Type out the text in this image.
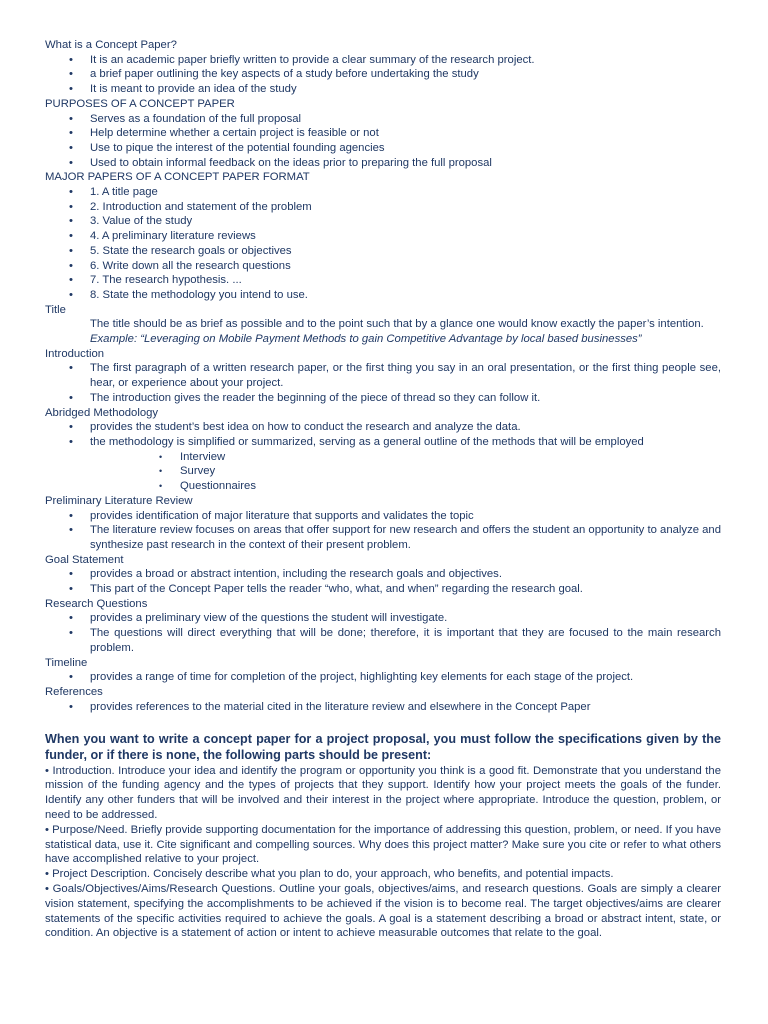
What is a Concept Paper?
• It is an academic paper briefly written to provide a clear summary of the research project.
• a brief paper outlining the key aspects of a study before undertaking the study
• It is meant to provide an idea of the study
PURPOSES OF A CONCEPT PAPER
• Serves as a foundation of the full proposal
• Help determine whether a certain project is feasible or not
• Use to pique the interest of the potential founding agencies
• Used to obtain informal feedback on the ideas prior to preparing the full proposal
MAJOR PAPERS OF A CONCEPT PAPER FORMAT
• 1. A title page
• 2. Introduction and statement of the problem
• 3. Value of the study
• 4. A preliminary literature reviews
• 5. State the research goals or objectives
• 6. Write down all the research questions
• 7. The research hypothesis. ...
• 8. State the methodology you intend to use.
Title
The title should be as brief as possible and to the point such that by a glance one would know exactly the paper’s intention.
Example: “Leveraging on Mobile Payment Methods to gain Competitive Advantage by local based businesses”
Introduction
• The first paragraph of a written research paper, or the first thing you say in an oral presentation, or the first thing people see, hear, or experience about your project.
• The introduction gives the reader the beginning of the piece of thread so they can follow it.
Abridged Methodology
• provides the student’s best idea on how to conduct the research and analyze the data.
• the methodology is simplified or summarized, serving as a general outline of the methods that will be employed
• Interview
• Survey
• Questionnaires
Preliminary Literature Review
• provides identification of major literature that supports and validates the topic
• The literature review focuses on areas that offer support for new research and offers the student an opportunity to analyze and synthesize past research in the context of their present problem.
Goal Statement
• provides a broad or abstract intention, including the research goals and objectives.
• This part of the Concept Paper tells the reader “who, what, and when” regarding the research goal.
Research Questions
• provides a preliminary view of the questions the student will investigate.
• The questions will direct everything that will be done; therefore, it is important that they are focused to the main research problem.
Timeline
• provides a range of time for completion of the project, highlighting key elements for each stage of the project.
References
• provides references to the material cited in the literature review and elsewhere in the Concept Paper
When you want to write a concept paper for a project proposal, you must follow the specifications given by the funder, or if there is none, the following parts should be present:

• Introduction. Introduce your idea and identify the program or opportunity you think is a good fit. Demonstrate that you understand the mission of the funding agency and the types of projects that they support. Identify how your project meets the goals of the funder. Identify any other funders that will be involved and their interest in the project where appropriate. Introduce the question, problem, or need to be addressed.

• Purpose/Need. Briefly provide supporting documentation for the importance of addressing this question, problem, or need. If you have statistical data, use it. Cite significant and compelling sources. Why does this project matter? Make sure you cite or refer to what others have accomplished relative to your project.

• Project Description. Concisely describe what you plan to do, your approach, who benefits, and potential impacts.

• Goals/Objectives/Aims/Research Questions. Outline your goals, objectives/aims, and research questions. Goals are simply a clearer vision statement, specifying the accomplishments to be achieved if the vision is to become real. The target objectives/aims are clearer statements of the specific activities required to achieve the goals. A goal is a statement describing a broad or abstract intent, state, or condition. An objective is a statement of action or intent to achieve measurable outcomes that relate to the goal.
